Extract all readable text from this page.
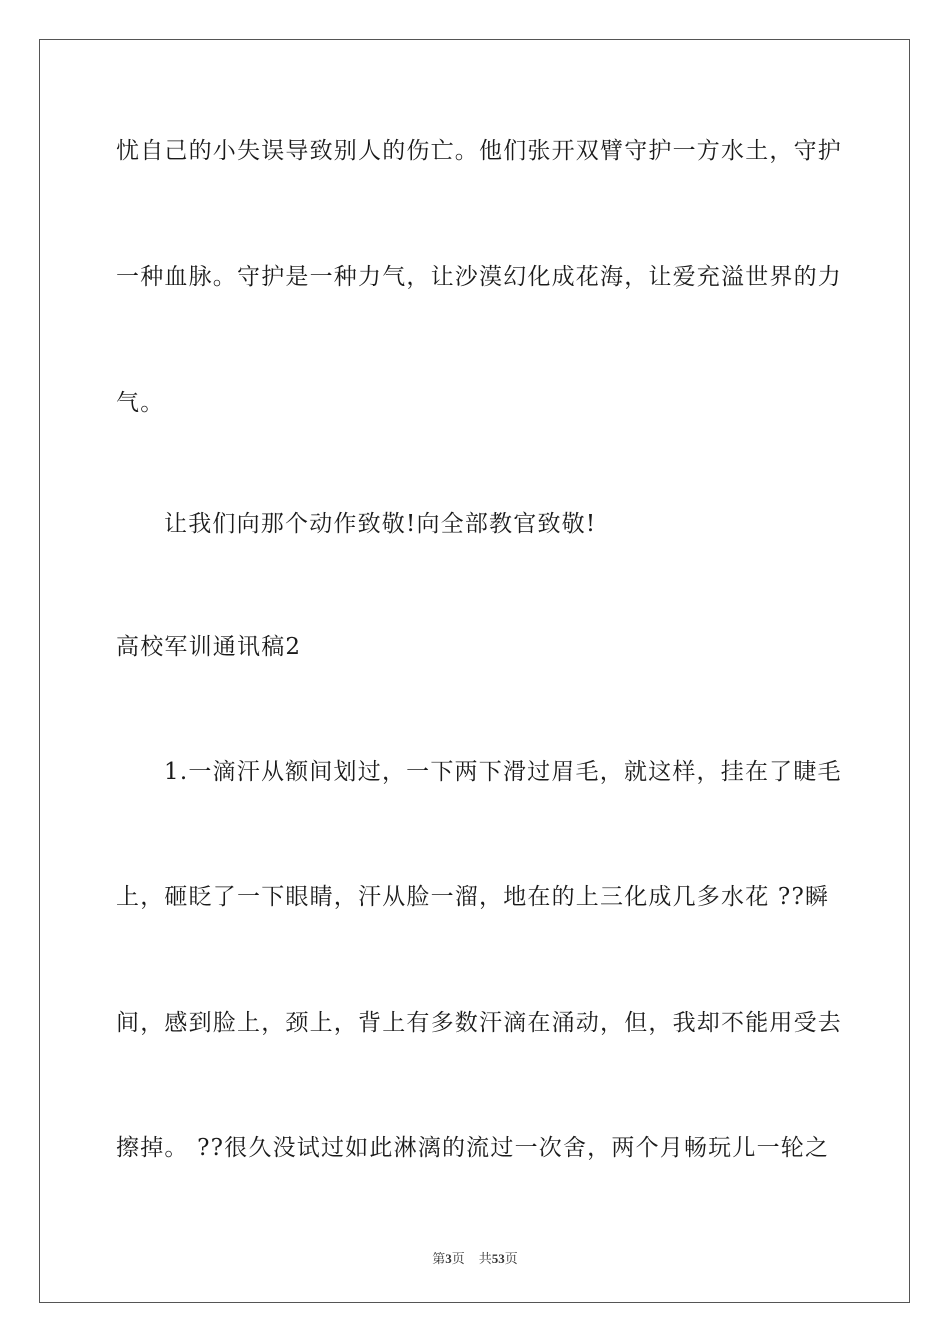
忧自己的小失误导致别人的伤亡。他们张开双臂守护一方水土，守护
一种血脉。守护是一种力气，让沙漠幻化成花海，让爱充溢世界的力
气。
让我们向那个动作致敬!向全部教官致敬!
高校军训通讯稿2
1.一滴汗从额间划过，一下两下滑过眉毛，就这样，挂在了睫毛
上，砸眨了一下眼睛，汗从脸一溜，地在的上三化成几多水花 ??瞬
间，感到脸上，颈上，背上有多数汗滴在涌动，但，我却不能用受去
擦掉。 ??很久没试过如此淋漓的流过一次舍，两个月畅玩儿一轮之
第3页 共53页
